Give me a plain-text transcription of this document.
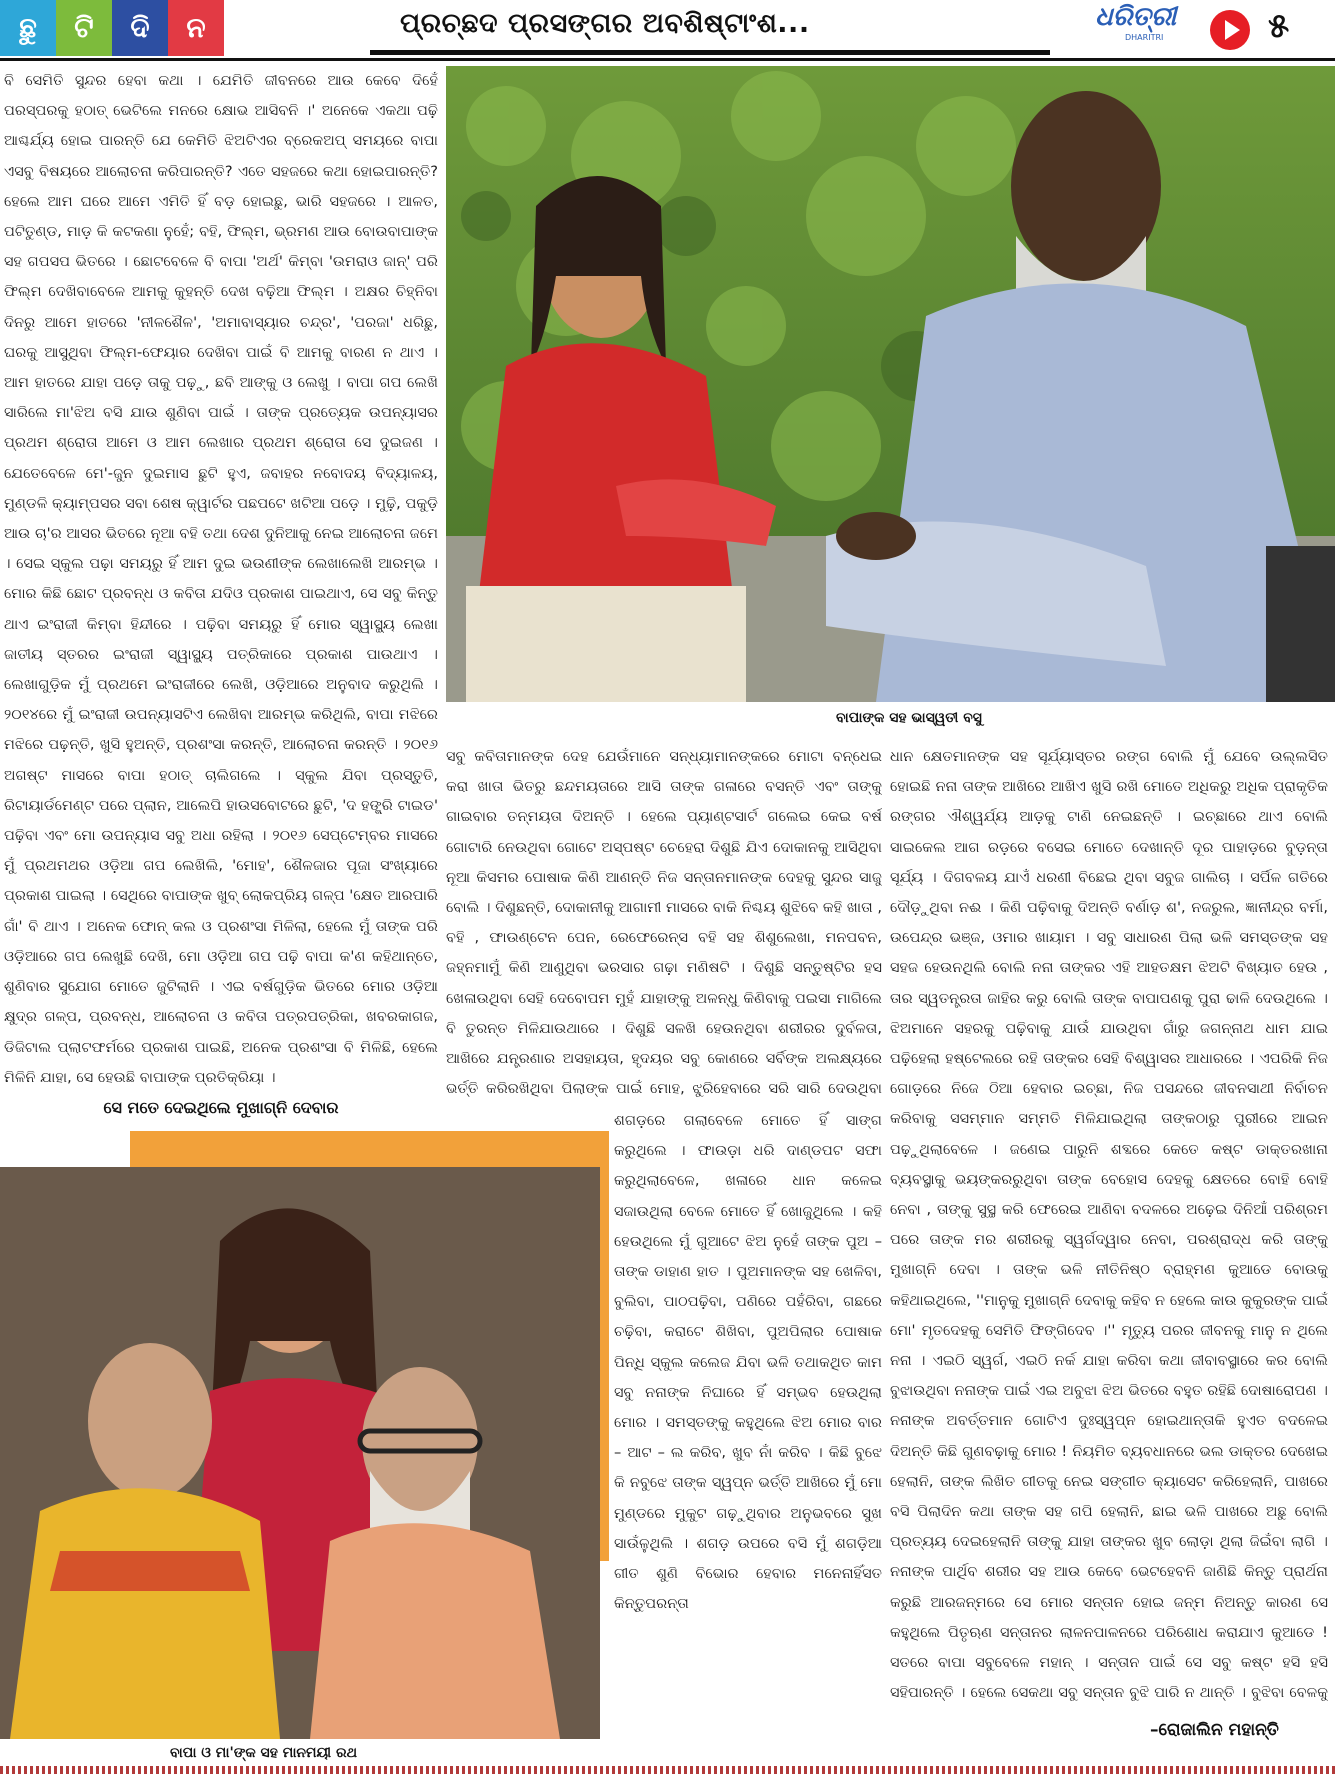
ଛୁ	ଟି	ଦି	ନ	ପ୍ରଚ୍ଛଦ ପ୍ରସଙ୍ଗର ଅବଶିଷ୍ଟାଂଶ...	ଧରିତ୍ରୀ
DHARITRI	୫

ବି ସେମିତି ସୁନ୍ଦର ହେବା କଥା । ଯେମିତି ଜୀବନରେ ଆଉ କେବେ ଦିହେଁ ପରସ୍ପରକୁ ହଠାତ୍ ଭେଟିଲେ ମନରେ କ୍ଷୋଭ ଆସିବନି ।' ଅନେକେ ଏକଥା ପଢ଼ି ଆଶ୍ଚର୍ଯ୍ୟ ହୋଇ ପାରନ୍ତି ଯେ କେମିତି ଝିଅଟିଏର ବ୍ରେକଅପ୍ ସମୟରେ ବାପା ଏସବୁ ବିଷୟରେ ଆଲୋଚନା କରିପାରନ୍ତି? ଏତେ ସହଜରେ କଥା ହୋଇପାରନ୍ତି? ହେଲେ ଆମ ଘରେ ଆମେ ଏମିତି ହିଁ ବଡ଼ ହୋଇଛୁ, ଭାରି ସହଜରେ । ଆଳତ, ପଟିତୁଣ୍ଡ, ମାଡ଼ କି କଟକଣା ନୁହେଁ; ବହି, ଫିଲ୍ମ, ଭ୍ରମଣ ଆଉ ବୋଉବାପାଙ୍କ ସହ ଗପସପ ଭିତରେ । ଛୋଟବେଳେ ବି ବାପା 'ଅର୍ଥ' କିମ୍ବା 'ଉମରାଓ ଜାନ୍' ପରି ଫିଲ୍ମ ଦେଖିବାବେଳେ ଆମକୁ କୁହନ୍ତି ଦେଖ ବଢ଼ିଆ ଫିଲ୍ମ । ଅକ୍ଷର ଚିହ୍ନିବା ଦିନରୁ ଆମେ ହାତରେ 'ନୀଳଶୈଳ', 'ଅମାବାସ୍ୟାର ଚନ୍ଦ୍ର', 'ପରଜା' ଧରିଛୁ, ଘରକୁ ଆସୁଥିବା ଫିଲ୍ମ-ଫେୟାର ଦେଖିବା ପାଇଁ ବି ଆମକୁ ବାରଣ ନ ଥାଏ । ଆମ ହାତରେ ଯାହା ପଡ଼େ ତାକୁ ପଢ଼ୁ, ଛବି ଆଙ୍କୁ ଓ ଲେଖୁ । ବାପା ଗପ ଲେଖି ସାରିଲେ ମା'ଝିଅ ବସି ଯାଉ ଶୁଣିବା ପାଇଁ । ତାଙ୍କ ପ୍ରତ୍ୟେକ ଉପନ୍ୟାସର ପ୍ରଥମ ଶ୍ରୋତା ଆମେ ଓ ଆମ ଲେଖାର ପ୍ରଥମ ଶ୍ରୋତା ସେ ଦୁଇଜଣ । ଯେତେବେଳେ ମେ'-ଜୁନ ଦୁଇମାସ ଛୁଟି ହୁଏ, ଜବାହର ନବୋଦୟ ବିଦ୍ୟାଳୟ, ମୁଣ୍ଡଳି କ୍ୟାମ୍ପସର ସବା ଶେଷ କ୍ୱାର୍ଟର ପଛପଟେ ଖଟିଆ ପଡ଼େ । ମୁଢ଼ି, ପକୁଡ଼ି ଆଉ ଚା'ର ଆସର ଭିତରେ ନୂଆ ବହି ତଥା ଦେଶ ଦୁନିଆକୁ ନେଇ ଆଲୋଚନା ଜମେ । ସେଇ ସ୍କୁଲ ପଢ଼ା ସମୟରୁ ହିଁ ଆମ ଦୁଇ ଭଉଣୀଙ୍କ ଲେଖାଲେଖି ଆରମ୍ଭ । ମୋର କିଛି ଛୋଟ ପ୍ରବନ୍ଧ ଓ କବିତା ଯଦିଓ ପ୍ରକାଶ ପାଇଥାଏ, ସେ ସବୁ କିନ୍ତୁ ଥାଏ ଇଂରାଜୀ କିମ୍ବା ହିନ୍ଦୀରେ । ପଢ଼ିବା ସମୟରୁ ହିଁ ମୋର ସ୍ୱାସ୍ଥ୍ୟ ଲେଖା ଜାତୀୟ ସ୍ତରର ଇଂରାଜୀ ସ୍ୱାସ୍ଥ୍ୟ ପତ୍ରିକାରେ ପ୍ରକାଶ ପାଉଥାଏ । ଲେଖାଗୁଡ଼ିକ ମୁଁ ପ୍ରଥମେ ଇଂରାଜୀରେ ଲେଖି, ଓଡ଼ିଆରେ ଅନୁବାଦ କରୁଥିଲି । ୨୦୧୪ରେ ମୁଁ ଇଂରାଜୀ ଉପନ୍ୟାସଟିଏ ଲେଖିବା ଆରମ୍ଭ କରିଥିଲି, ବାପା ମଝିରେ ମଝିରେ ପଢ଼ନ୍ତି, ଖୁସି ହୁଅନ୍ତି, ପ୍ରଶଂସା କରନ୍ତି, ଆଲୋଚନା କରନ୍ତି । ୨୦୧୬ ଅଗଷ୍ଟ ମାସରେ ବାପା ହଠାତ୍ ଚାଲିଗଲେ । ସ୍କୁଲ ଯିବା ପ୍ରସ୍ତୁତି, ରିଟାୟାର୍ଡମେଣ୍ଟ ପରେ ପ୍ଲାନ, ଆଲେପି ହାଉସବୋଟରେ ଛୁଟି, 'ଦ ହଙ୍ଗ୍ରି ଟାଇଡ' ପଢ଼ିବା ଏବଂ ମୋ ଉପନ୍ୟାସ ସବୁ ଅଧା ରହିଲା । ୨୦୧୬ ସେପ୍ଟେମ୍ବର ମାସରେ ମୁଁ ପ୍ରଥମଥର ଓଡ଼ିଆ ଗପ ଲେଖିଲି, 'ମୋହ', ଶୈଳଜାର ପୂଜା ସଂଖ୍ୟାରେ ପ୍ରକାଶ ପାଇଲା । ସେଥିରେ ବାପାଙ୍କ ଖୁବ୍ ଲୋକପ୍ରିୟ ଗଳ୍ପ 'କ୍ଷେତ ଆରପାରି ଗାଁ' ବି ଥାଏ । ଅନେକ ଫୋନ୍ କଲ ଓ ପ୍ରଶଂସା ମିଳିଲା, ହେଲେ ମୁଁ ତାଙ୍କ ପରି ଓଡ଼ିଆରେ ଗପ ଲେଖୁଛି ଦେଖି, ମୋ ଓଡ଼ିଆ ଗପ ପଢ଼ି ବାପା କ'ଣ କହିଥାନ୍ତେ, ଶୁଣିବାର ସୁଯୋଗ ମୋତେ ଜୁଟିଲାନି । ଏଇ ବର୍ଷଗୁଡ଼ିକ ଭିତରେ ମୋର ଓଡ଼ିଆ କ୍ଷୁଦ୍ର ଗଳ୍ପ, ପ୍ରବନ୍ଧ, ଆଲୋଚନା ଓ କବିତା ପତ୍ରପତ୍ରିକା, ଖବରକାଗଜ, ଡିଜିଟାଲ ପ୍ଲାଟଫର୍ମରେ ପ୍ରକାଶ ପାଇଛି, ଅନେକ ପ୍ରଶଂସା ବି ମିଳିଛି, ହେଲେ ମିଳିନି ଯାହା, ସେ ହେଉଛି ବାପାଙ୍କ ପ୍ରତିକ୍ରିୟା ।

ସେ ମତେ ଦେଇଥିଲେ ମୁଖାଗ୍ନି ଦେବାର

ବାପାଙ୍କ ସହ ଭାସ୍ୱତୀ ବସୁ

ସବୁ କବିତାମାନଙ୍କ ଦେହ ଯେଉଁମାନେ ସନ୍ଧ୍ୟାମାନଙ୍କରେ ମୋଟା ବନ୍ଧେଇ କରା ଖାତା ଭିତରୁ ଛନ୍ଦମୟତାରେ ଆସି ତାଙ୍କ ଗଳାରେ ବସନ୍ତି ଏବଂ ତାଙ୍କୁ ଗାଇବାର ତନ୍ମୟତା ଦିଅନ୍ତି । ହେଲେ ପ୍ୟାଣ୍ଟସାର୍ଟ ଗଲେଇ କେଇ ବର୍ଷ ଗୋଟାରି ନେଉଥିବା ଗୋଟେ ଅସ୍ପଷ୍ଟ ଚେହେରା ଦିଶୁଛି ଯିଏ ଦୋକାନକୁ ଆସିଥିବା ନୂଆ କିସମର ପୋଷାକ କିଣି ଆଣନ୍ତି ନିଜ ସନ୍ତାନମାନଙ୍କ ଦେହକୁ ସୁନ୍ଦର ସାଜୁ ବୋଲି । ଦିଶୁଛନ୍ତି, ଦୋକାନୀକୁ ଆଗାମୀ ମାସରେ ବାକି ନିଶ୍ଚୟ ଶୁଝିବେ କହି ଖାତା , ବହି , ଫାଉଣ୍ଟେନ ପେନ, ରେଫେରେନ୍ସ ବହି ସହ ଶିଶୁଲେଖା, ମନପବନ, ଜହ୍ନମାମୁଁ କିଣି ଆଣୁଥିବା ଭରସାର ଗଢ଼ା ମଣିଷଟି । ଦିଶୁଛି ସନ୍ତୁଷ୍ଟିର ହସ ଖେଳାଉଥିବା ସେହି ଦେବୋପମ ମୁହଁ ଯାହାଙ୍କୁ ଅଳନ୍ଧୁ କିଣିବାକୁ ପଇସା ମାଗିଲେ ବି ତୁରନ୍ତ ମିଳିଯାଉଥାରେ । ଦିଶୁଛି ସଳଖି ହେଉନଥିବା ଶରୀରର ଦୁର୍ବଳତା, ଆଖିରେ ଯନ୍ତ୍ରଣାର ଅସହାୟତା, ହୃଦୟର ସବୁ କୋଣରେ ସର୍ବିଙ୍କ ଅଲକ୍ଷ୍ୟରେ ଭର୍ତ୍ତି କରିରଖିଥିବା ପିଲାଙ୍କ ପାଇଁ ମୋହ, ଝୁରିହେବାରେ ସରି ସାରି ଦେଉଥିବା

ବାପା ଓ ମା'ଙ୍କ ସହ ମାନମୟୀ ରଥ

ଶଗଡ଼ରେ ଗଲାବେଳେ ମୋତେ ହିଁ ସାଙ୍ଗ କରୁଥିଲେ । ଫାଉଡ଼ା ଧରି ଦାଣ୍ଡପଟ ସଫା କରୁଥିଲାବେଳେ, ଖଳାରେ ଧାନ କଳେଇ ସଜାଉଥିଲା ବେଳେ ମୋତେ ହିଁ ଖୋଜୁଥିଲେ । କହି ହେଉଥିଲେ ମୁଁ ଗୁଆଟେ ଝିଅ ନୁହେଁ ତାଙ୍କ ପୁଅ – ତାଙ୍କ ଡାହାଣ ହାତ । ପୁଅମାନଙ୍କ ସହ ଖେଳିବା, ବୁଲିବା, ପାଠପଢ଼ିବା, ପଣିରେ ପହଁରିବା, ଗଛରେ ଚଢ଼ିବା, କରାଟେ ଶିଖିବା, ପୁଅପିଲାର ପୋଷାକ ପିନ୍ଧି ସ୍କୁଲ କଲେଜ ଯିବା ଭଳି ତଥାକଥିତ କାମ ସବୁ ନନାଙ୍କ ନିଘାରେ ହିଁ ସମ୍ଭବ ହେଉଥିଲା ମୋର । ସମସ୍ତଙ୍କୁ କହୁଥିଲେ ଝିଅ ମୋର ବାର – ଆଟ – ଲ କରିବ, ଖୁବ ନାଁ କରିବ । କିଛି ବୁଝେ କି ନବୁଝେ ତାଙ୍କ ସ୍ୱପ୍ନ ଭର୍ତ୍ତି ଆଖିରେ ମୁଁ ମୋ ମୁଣ୍ଡରେ ମୁକୁଟ ଗଢ଼ୁଥିବାର ଅନୁଭବରେ ସୁଖ ସାଉଁଳୁଥିଲି । ଶଗଡ଼ ଉପରେ ବସି ମୁଁ ଶଗଡ଼ିଆ ଗୀତ ଶୁଣି ବିଭୋର ହେବାର ମନେନାହିଁସତ କିନ୍ତୁପରନ୍ତା

ଧାନ କ୍ଷେତମାନଙ୍କ ସହ ସୂର୍ଯ୍ୟାସ୍ତର ରଙ୍ଗ ବୋଲି ମୁଁ ଯେବେ ଉଲ୍ଲସିତ ହୋଇଛି ନନା ତାଙ୍କ ଆଖିରେ ଆଖିଏ ଖୁସି ରଖି ମୋତେ ଅଧିକରୁ ଅଧିକ ପ୍ରାକୃତିକ ରଙ୍ଗର ଐଶ୍ୱର୍ଯ୍ୟ ଆଡ଼କୁ ଟାଣି ନେଇଛନ୍ତି । ଇଚ୍ଛାରେ ଥାଏ ବୋଲି ସାଇକେଲ ଆଗ ରଡ଼ରେ ବସେଇ ମୋତେ ଦେଖାନ୍ତି ଦୂର ପାହାଡ଼ରେ ବୁଡ଼ନ୍ତା ସୂର୍ଯ୍ୟ । ଦିଗବଳୟ ଯାଏଁ ଧରଣୀ ବିଛେଇ ଥିବା ସବୁଜ ଗାଲିଚା । ସର୍ପିଳ ଗତିରେ ଦୌଡ଼ୁଥିବା ନଈ । କିଣି ପଢ଼ିବାକୁ ଦିଅନ୍ତି ବର୍ଣାଡ଼ ଶ', ନଜରୁଲ, ଜ୍ଞାନୀନ୍ଦ୍ର ବର୍ମା, ଉପେନ୍ଦ୍ର ଭଞ୍ଜ, ଓମାର ଖାୟାମ । ସବୁ ସାଧାରଣ ପିଲା ଭଳି ସମସ୍ତଙ୍କ ସହ ସହଜ ହେଉନଥିଲି ବୋଲି ନନା ତାଙ୍କର ଏହି ଆହତକ୍ଷମ ଝିଅଟି ବିଖ୍ୟାତ ହେଉ , ତାର ସ୍ୱତନ୍ତ୍ରତା ଜାହିର କରୁ ବୋଲି ତାଙ୍କ ବାପାପଣକୁ ପୁରା ଢାଳି ଦେଉଥିଲେ । ଝିଅମାନେ ସହରକୁ ପଢ଼ିବାକୁ ଯାଉଁ ଯାଉଥିବା ଗାଁରୁ ଜଗନ୍ନାଥ ଧାମ ଯାଇ ପଢ଼ିହେଲା ହଷ୍ଟେଲରେ ରହି ତାଙ୍କର ସେହି ବିଶ୍ୱାସର ଆଧାରରେ । ଏପରିକି ନିଜ ଗୋଡ଼ରେ ନିଜେ ଠିଆ ହେବାର ଇଚ୍ଛା, ନିଜ ପସନ୍ଦରେ ଜୀବନସାଥୀ ନିର୍ବାଚନ କରିବାକୁ ସସମ୍ମାନ ସମ୍ମତି ମିଳିଯାଇଥିଲା ତାଙ୍କଠାରୁ ପୁରୀରେ ଆଇନ ପଢ଼ୁଥିଲାବେଳେ । ଜଣେଇ ପାରୁନି ଶବ୍ଦରେ କେତେ କଷ୍ଟ ଡାକ୍ତରଖାନା ବ୍ୟବସ୍ଥାକୁ ଭୟଙ୍କରରୁଥିବା ତାଙ୍କ ବେହୋସ ଦେହକୁ କ୍ଷେତରେ ବୋହି ବୋହି ନେବା , ତାଙ୍କୁ ସୁସ୍ଥ କରି ଫେରେଇ ଆଣିବା ବଦଳରେ ଅଢ଼େଇ ଦିନିଆଁ ପରିଶ୍ରମ ପରେ ତାଙ୍କ ମର ଶରୀରକୁ ସ୍ୱର୍ଗଦ୍ୱାର ନେବା, ପରଶ୍ରାଦ୍ଧ କରି ତାଙ୍କୁ ମୁଖାଗ୍ନି ଦେବା । ତାଙ୍କ ଭଳି ନୀତିନିଷ୍ଠ ବ୍ରାହ୍ମଣ କୁଆଡେ ବୋଉକୁ କହିଥାଇଥିଲେ, ''ମାନୁକୁ ମୁଖାଗ୍ନି ଦେବାକୁ କହିବ ନ ହେଲେ କାଉ କୁକୁରଙ୍କ ପାଇଁ ମୋ' ମୃତଦେହକୁ ସେମିତି ଫିଙ୍ଗିଦେବ ।'' ମୃତ୍ୟୁ ପରର ଜୀବନକୁ ମାନୁ ନ ଥିଲେ ନନା । ଏଇଠି ସ୍ୱର୍ଗ, ଏଇଠି ନର୍କ ଯାହା କରିବା କଥା ଜୀବାବସ୍ଥାରେ କର ବୋଲି ବୁଝାଉଥିବା ନନାଙ୍କ ପାଇଁ ଏଇ ଅବୁଝା ଝିଅ ଭିତରେ ବହୁତ ରହିଛି ଦୋଷାରୋପଣ । ନନାଙ୍କ ଅବର୍ତ୍ତମାନ ଗୋଟିଏ ଦୁଃସ୍ୱପ୍ନ ହୋଇଥାନ୍ତାକି ହୁଏତ ବଦଳେଇ ଦିଅନ୍ତି କିଛି ଗୁଣବଢ଼ାକୁ ମୋର ! ନିୟମିତ ବ୍ୟବଧାନରେ ଭଲ ଡାକ୍ତର ଦେଖେଇ ହେଲାନି, ତାଙ୍କ ଲିଖିତ ଗୀତକୁ ନେଇ ସଙ୍ଗୀତ କ୍ୟାସେଟ କରିହେଲାନି, ପାଖରେ ବସି ପିଲାଦିନ କଥା ତାଙ୍କ ସହ ଗପି ହେଲାନି, ଛାଇ ଭଳି ପାଖରେ ଅଛୁ ବୋଲି ପ୍ରତ୍ୟୟ ଦେଇହେଲାନି ତାଙ୍କୁ ଯାହା ତାଙ୍କର ଖୁବ ଲୋଡ଼ା ଥିଲା ଜିଇଁବା ଲାଗି । ନନାଙ୍କ ପାର୍ଥିବ ଶରୀର ସହ ଆଉ କେବେ ଭେଟହେବନି ଜାଣିଛି କିନ୍ତୁ ପ୍ରାର୍ଥନା କରୁଛି ଆରଜନ୍ମରେ ସେ ମୋର ସନ୍ତାନ ହୋଇ ଜନ୍ମ ନିଅନ୍ତୁ କାରଣ ସେ କହୁଥିଲେ ପିତୃଋଣ ସନ୍ତାନର ଲାଳନପାଳନରେ ପରିଶୋଧ କରାଯାଏ କୁଆଡେ ! ସତରେ ବାପା ସବୁବେଳେ ମହାନ୍ । ସନ୍ତାନ ପାଇଁ ସେ ସବୁ କଷ୍ଟ ହସି ହସି ସହିପାରନ୍ତି । ହେଲେ ସେକଥା ସବୁ ସନ୍ତାନ ବୁଝି ପାରି ନ ଥାନ୍ତି । ବୁଝିବା ବେଳକୁ

–ରୋଜାଲିନ ମହାନ୍ତି
